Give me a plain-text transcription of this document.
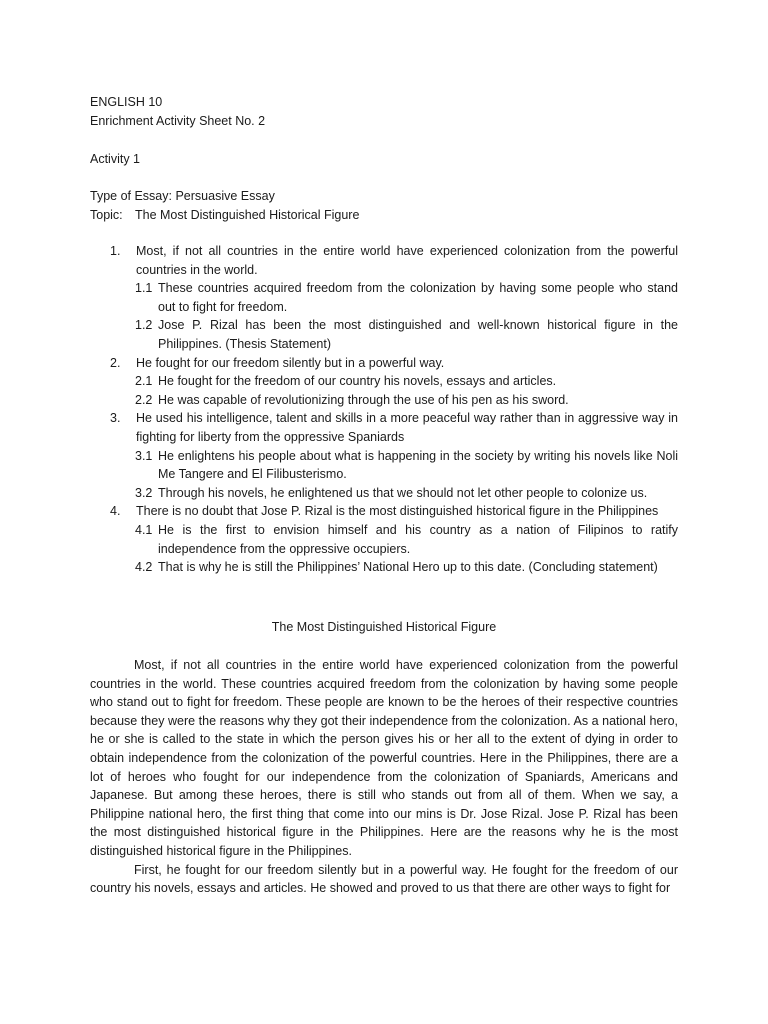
ENGLISH 10
Enrichment Activity Sheet No. 2
Activity 1
Type of Essay: Persuasive Essay
Topic: The Most Distinguished Historical Figure
1. Most, if not all countries in the entire world have experienced colonization from the powerful countries in the world.
1.1 These countries acquired freedom from the colonization by having some people who stand out to fight for freedom.
1.2 Jose P. Rizal has been the most distinguished and well-known historical figure in the Philippines. (Thesis Statement)
2. He fought for our freedom silently but in a powerful way.
2.1 He fought for the freedom of our country his novels, essays and articles.
2.2 He was capable of revolutionizing through the use of his pen as his sword.
3. He used his intelligence, talent and skills in a more peaceful way rather than in aggressive way in fighting for liberty from the oppressive Spaniards
3.1 He enlightens his people about what is happening in the society by writing his novels like Noli Me Tangere and El Filibusterismo.
3.2 Through his novels, he enlightened us that we should not let other people to colonize us.
4. There is no doubt that Jose P. Rizal is the most distinguished historical figure in the Philippines
4.1 He is the first to envision himself and his country as a nation of Filipinos to ratify independence from the oppressive occupiers.
4.2 That is why he is still the Philippines’ National Hero up to this date. (Concluding statement)
The Most Distinguished Historical Figure

Most, if not all countries in the entire world have experienced colonization from the powerful countries in the world. These countries acquired freedom from the colonization by having some people who stand out to fight for freedom. These people are known to be the heroes of their respective countries because they were the reasons why they got their independence from the colonization. As a national hero, he or she is called to the state in which the person gives his or her all to the extent of dying in order to obtain independence from the colonization of the powerful countries. Here in the Philippines, there are a lot of heroes who fought for our independence from the colonization of Spaniards, Americans and Japanese. But among these heroes, there is still who stands out from all of them. When we say, a Philippine national hero, the first thing that come into our mins is Dr. Jose Rizal. Jose P. Rizal has been the most distinguished historical figure in the Philippines. Here are the reasons why he is the most distinguished historical figure in the Philippines.

First, he fought for our freedom silently but in a powerful way. He fought for the freedom of our country his novels, essays and articles. He showed and proved to us that there are other ways to fight for
